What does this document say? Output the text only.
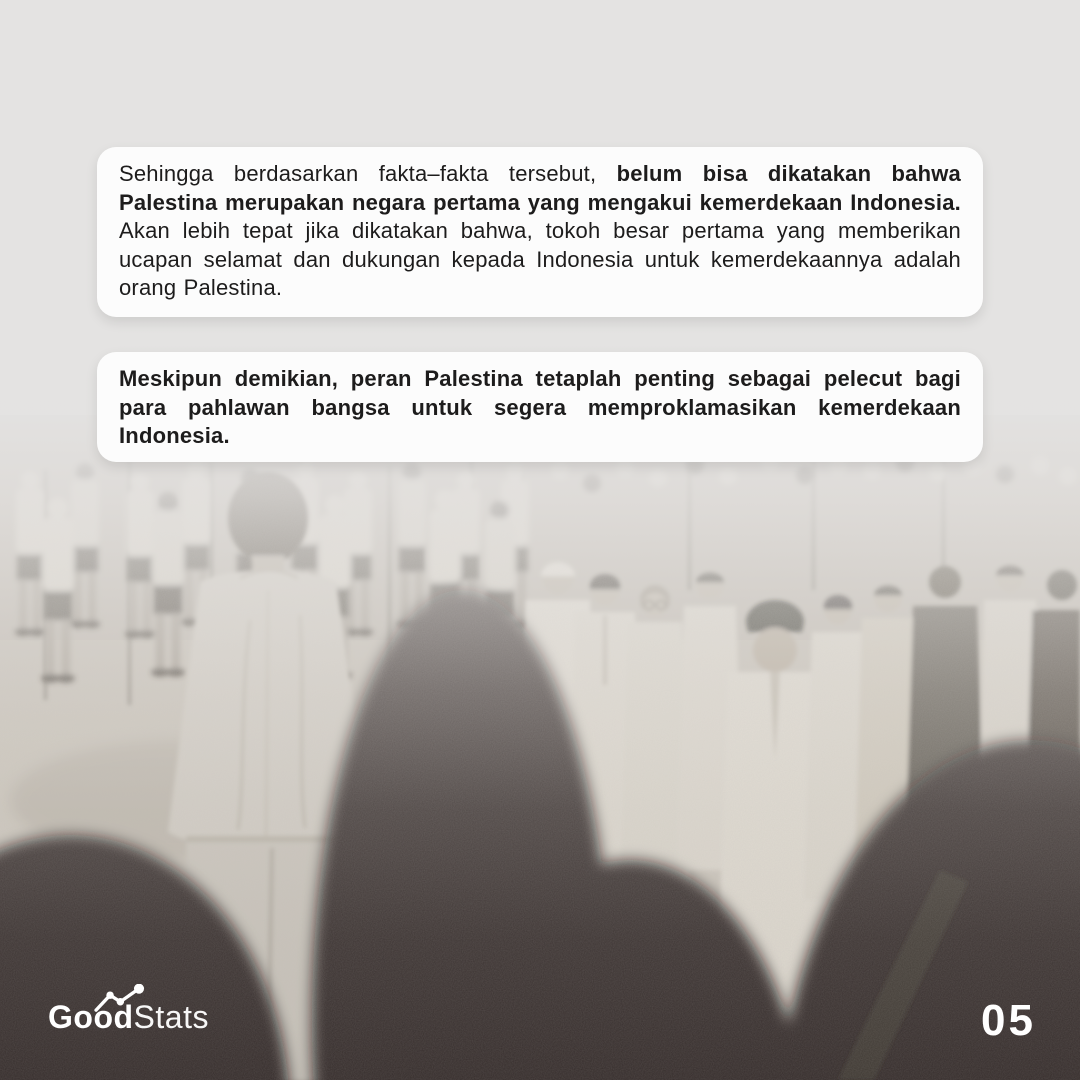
Sehingga berdasarkan fakta–fakta tersebut, belum bisa dikatakan bahwa Palestina merupakan negara pertama yang mengakui kemerdekaan Indonesia. Akan lebih tepat jika dikatakan bahwa, tokoh besar pertama yang memberikan ucapan selamat dan dukungan kepada Indonesia untuk kemerdekaannya adalah orang Palestina.
Meskipun demikian, peran Palestina tetaplah penting sebagai pelecut bagi para pahlawan bangsa untuk segera memproklamasikan kemerdekaan Indonesia.
GoodStats	05
